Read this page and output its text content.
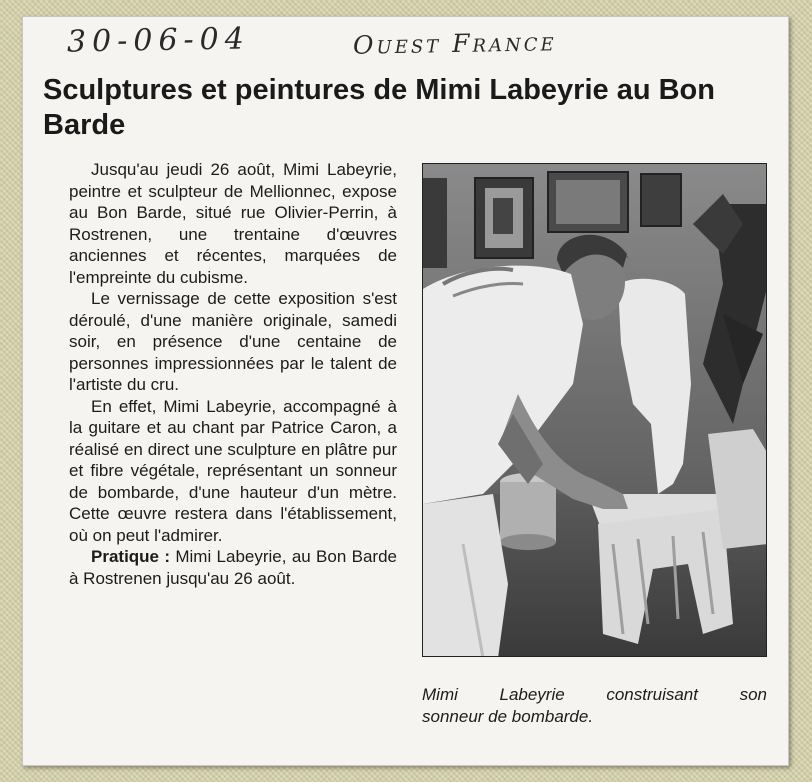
30-06-04	Ouest France
Sculptures et peintures de Mimi Labeyrie au Bon Barde

Jusqu'au jeudi 26 août, Mimi Labeyrie, peintre et sculpteur de Mellionnec, expose au Bon Barde, situé rue Olivier-Perrin, à Rostrenen, une trentaine d'œuvres anciennes et récentes, marquées de l'empreinte du cubisme.

Le vernissage de cette exposition s'est déroulé, d'une manière originale, samedi soir, en présence d'une centaine de personnes impressionnées par le talent de l'artiste du cru.

En effet, Mimi Labeyrie, accompagné à la guitare et au chant par Patrice Caron, a réalisé en direct une sculpture en plâtre pur et fibre végétale, représentant un sonneur de bombarde, d'une hauteur d'un mètre. Cette œuvre restera dans l'établissement, où on peut l'admirer.

Pratique : Mimi Labeyrie, au Bon Barde à Rostrenen jusqu'au 26 août.

Mimi Labeyrie construisant son
sonneur de bombarde.
